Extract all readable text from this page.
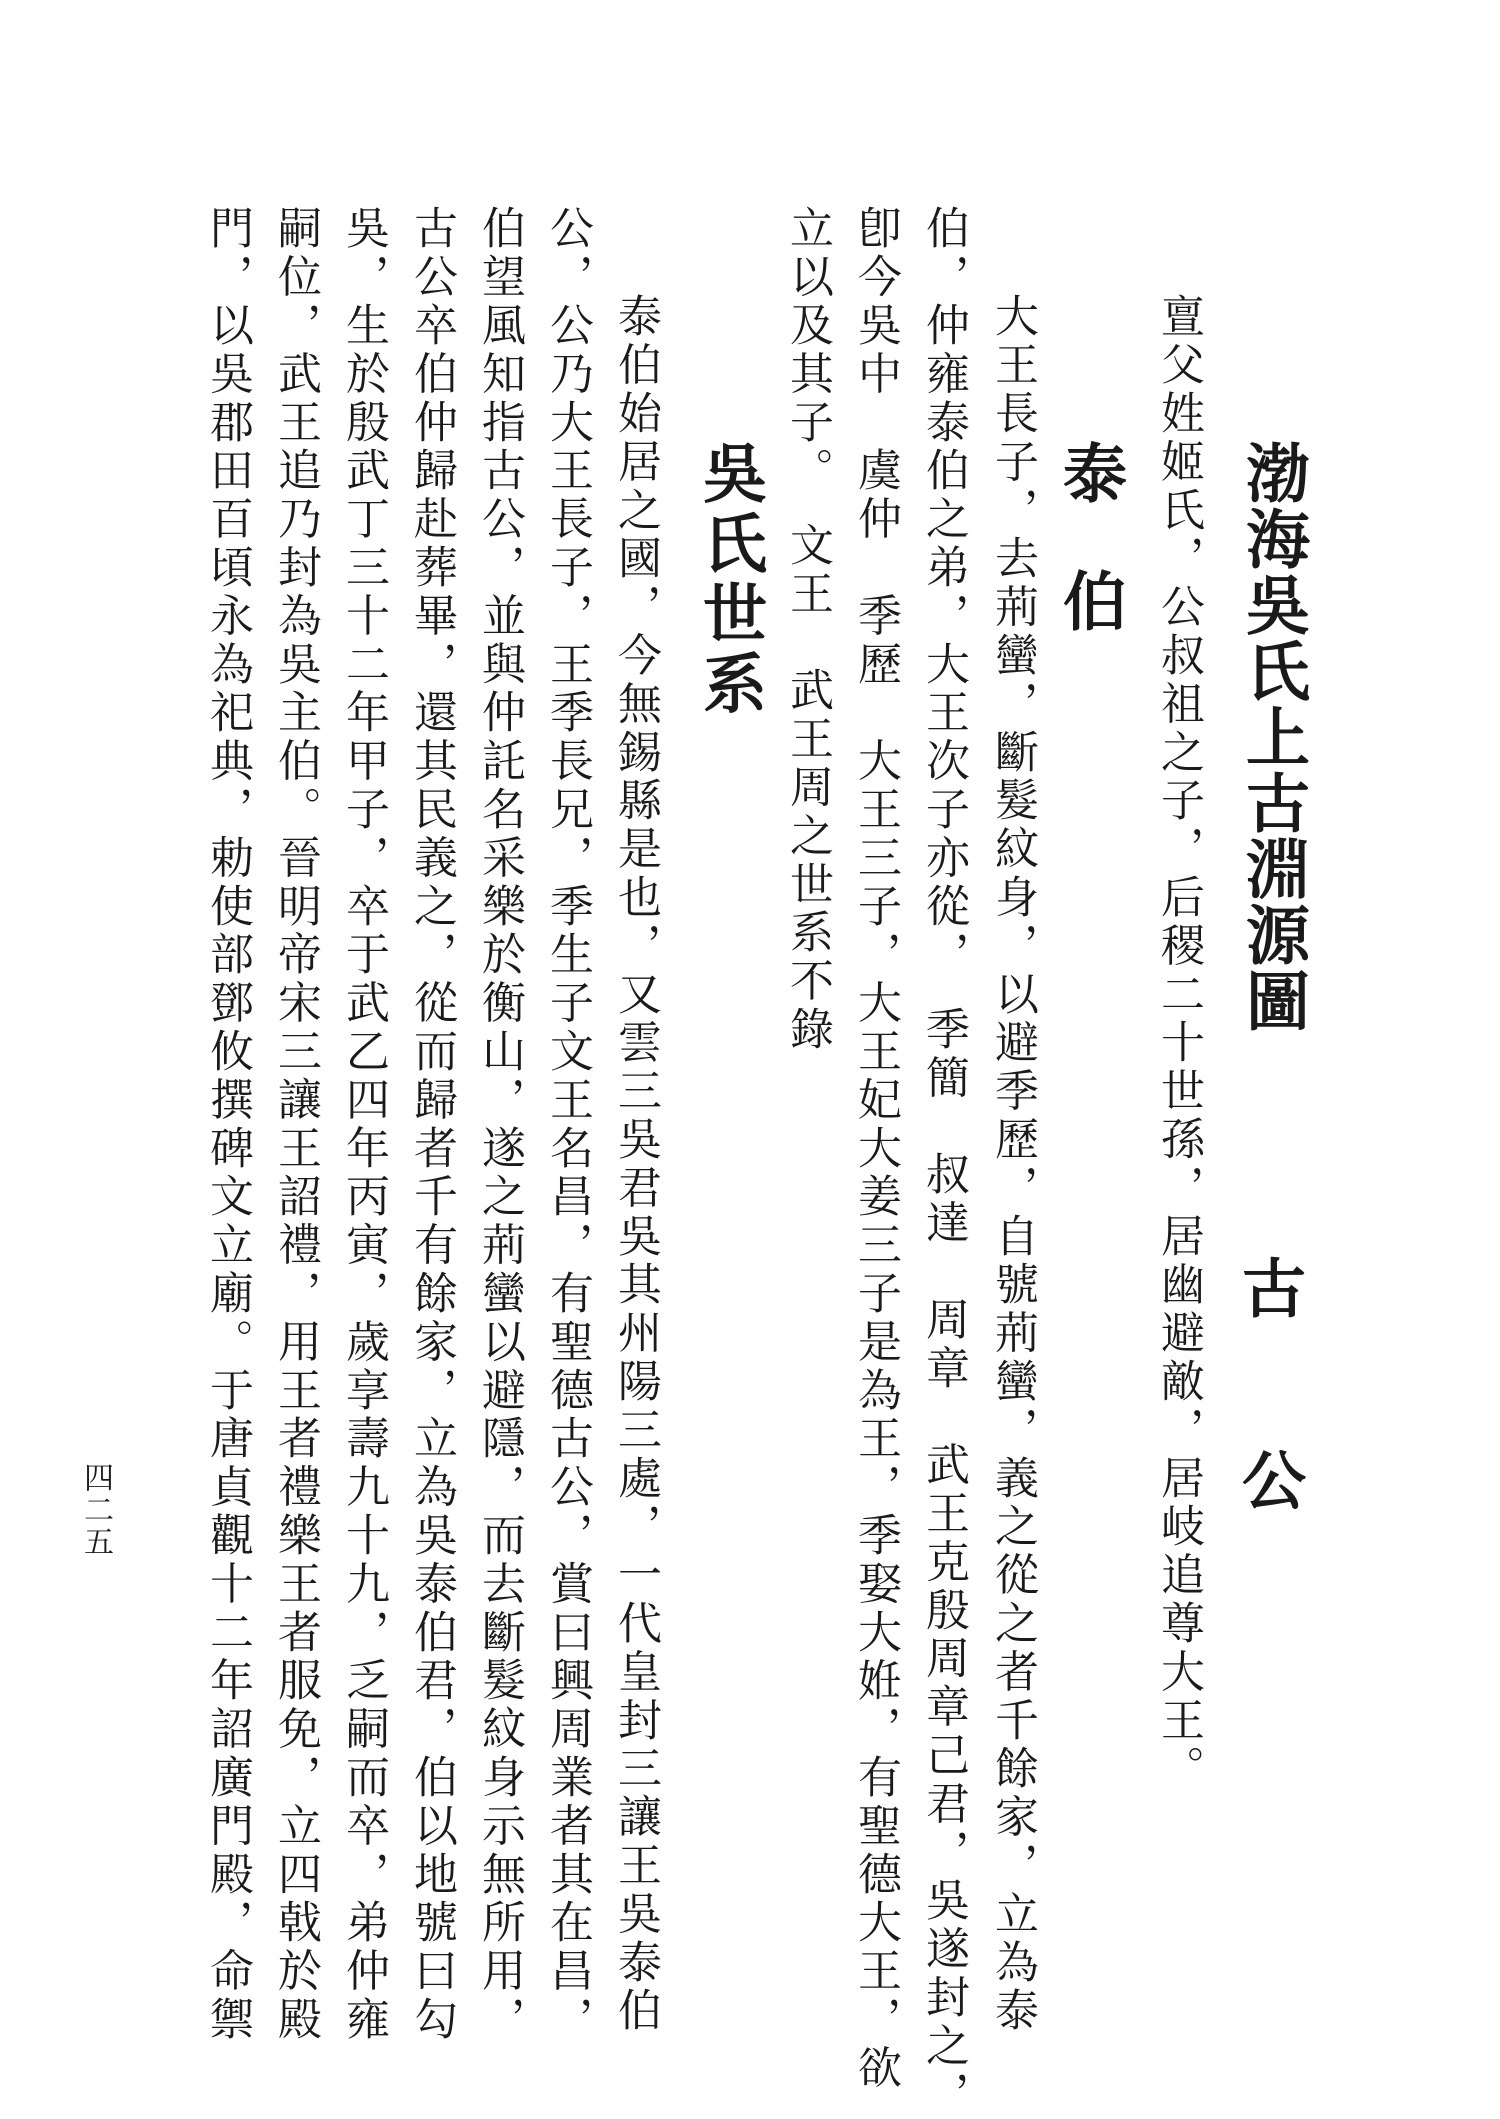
渤海吳氏上古淵源圖
古　　公
亶父姓姬氏，公叔祖之子，后稷二十世孫，居幽避敵，居岐追尊大王。
泰　伯
大王長子，去荊蠻，斷髮紋身，以避季歷，自號荊蠻，義之從之者千餘家，立為泰
伯，仲雍泰伯之弟，大王次子亦從，　季簡　叔達　周章　武王克殷周章己君，吳遂封之，
卽今吳中　虞仲　季歷　大王三子，大王妃大姜三子是為王，季娶大姙，有聖德大王，欲
立以及其子。　文王　武王周之世系不錄
吳氏世系
泰伯始居之國，今無錫縣是也，又雲三吳君吳其州陽三處，一代皇封三讓王吳泰伯
公，公乃大王長子，王季長兄，季生子文王名昌，有聖德古公，賞曰興周業者其在昌，
伯望風知指古公，並與仲託名采樂於衡山，遂之荊蠻以避隱，而去斷髮紋身示無所用，
古公卒伯仲歸赴葬畢，還其民義之，從而歸者千有餘家，立為吳泰伯君，伯以地號曰勾
吳，生於殷武丁三十二年甲子，卒于武乙四年丙寅，歲享壽九十九，乏嗣而卒，弟仲雍
嗣位，武王追乃封為吳主伯。晉明帝宋三讓王詔禮，用王者禮樂王者服免，立四戟於殿
門，以吳郡田百頃永為祀典，勅使部鄧攸撰碑文立廟。于唐貞觀十二年詔廣門殿，命禦
四二五
